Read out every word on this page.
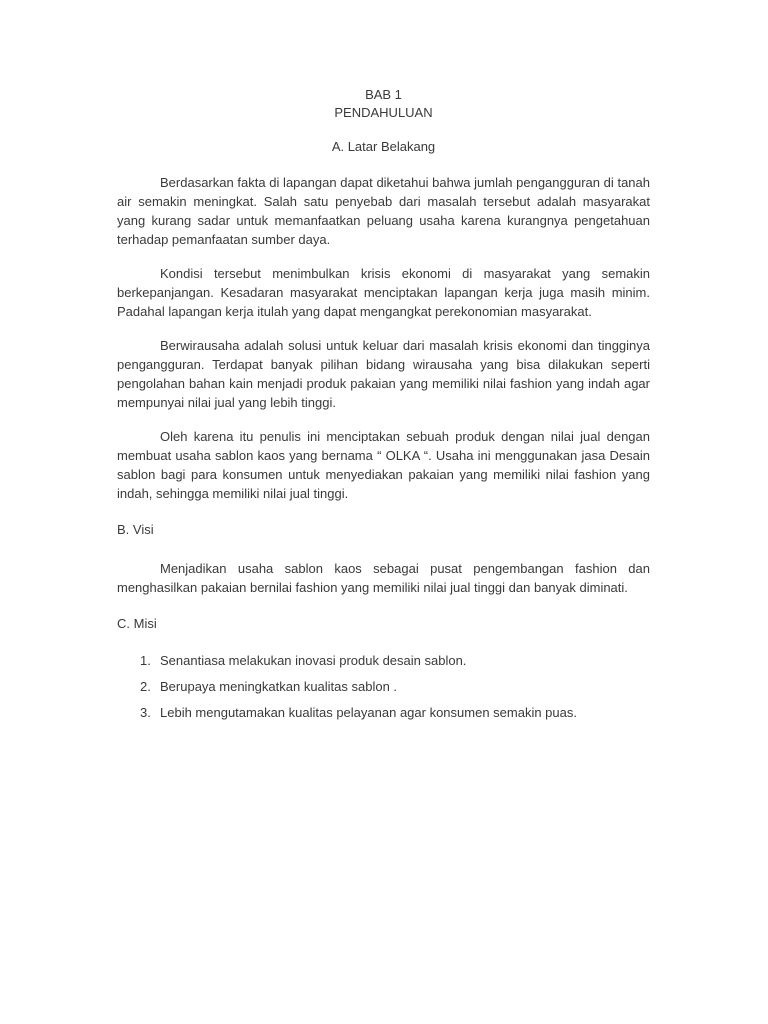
BAB 1

PENDAHULUAN

A. Latar Belakang

Berdasarkan fakta di lapangan dapat diketahui bahwa jumlah pengangguran di tanah air semakin meningkat. Salah satu penyebab dari masalah tersebut adalah masyarakat yang kurang sadar untuk memanfaatkan peluang usaha karena kurangnya pengetahuan terhadap pemanfaatan sumber daya.

Kondisi tersebut menimbulkan krisis ekonomi di masyarakat yang semakin berkepanjangan. Kesadaran masyarakat menciptakan lapangan kerja juga masih minim. Padahal lapangan kerja itulah yang dapat mengangkat perekonomian masyarakat.

Berwirausaha adalah solusi untuk keluar dari masalah krisis ekonomi dan tingginya pengangguran. Terdapat banyak pilihan bidang wirausaha yang bisa dilakukan seperti pengolahan bahan kain menjadi produk pakaian yang memiliki nilai fashion yang indah agar mempunyai nilai jual yang lebih tinggi.

Oleh karena itu penulis ini menciptakan sebuah produk dengan nilai jual dengan membuat usaha sablon kaos yang bernama “ OLKA “. Usaha ini menggunakan jasa Desain sablon bagi para konsumen untuk menyediakan pakaian yang memiliki nilai fashion yang indah, sehingga memiliki nilai jual tinggi.

B. Visi

Menjadikan usaha sablon kaos sebagai pusat pengembangan fashion dan menghasilkan pakaian bernilai fashion yang memiliki nilai jual tinggi dan banyak diminati.

C. Misi

1. Senantiasa melakukan inovasi produk desain sablon.
2. Berupaya meningkatkan kualitas sablon .
3. Lebih mengutamakan kualitas pelayanan agar konsumen semakin puas.
